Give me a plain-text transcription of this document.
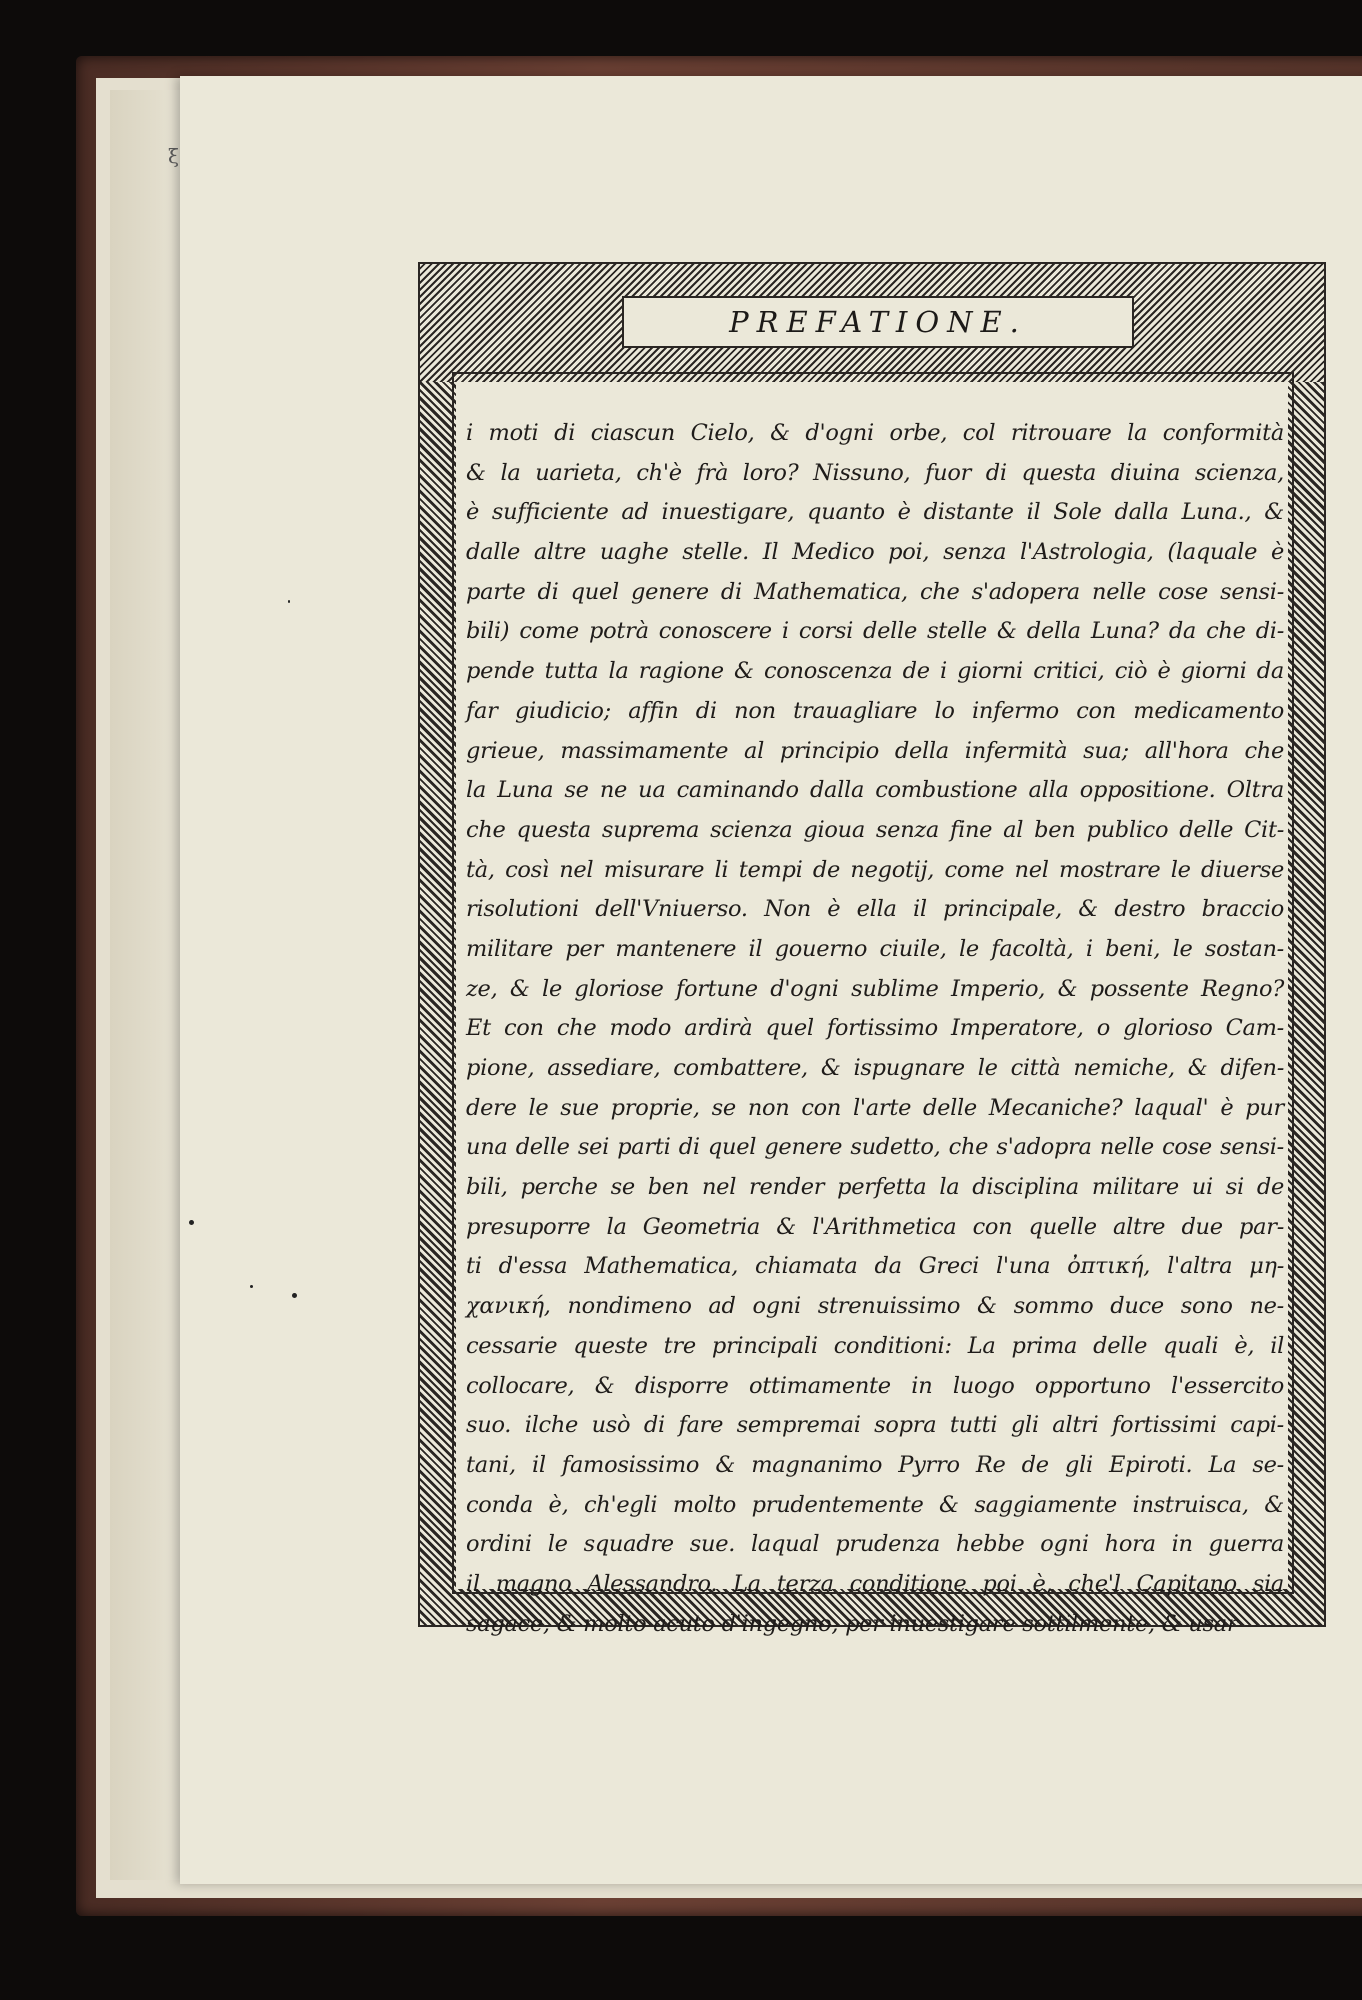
ξ
PREFATIONE.
i moti di ciascun Cielo, & d'ogni orbe, col ritrouare la conformità
& la uarieta, ch'è frà loro? Nissuno, fuor di questa diuina scienza,
è sufficiente ad inuestigare, quanto è distante il Sole dalla Luna., &
dalle altre uaghe stelle. Il Medico poi, senza l'Astrologia, (laquale è
parte di quel genere di Mathematica, che s'adopera nelle cose sensi-
bili) come potrà conoscere i corsi delle stelle & della Luna? da che di-
pende tutta la ragione & conoscenza de i giorni critici, ciò è giorni da
far giudicio; affin di non trauagliare lo infermo con medicamento
grieue, massimamente al principio della infermità sua; all'hora che
la Luna se ne ua caminando dalla combustione alla oppositione. Oltra
che questa suprema scienza gioua senza fine al ben publico delle Cit-
tà, così nel misurare li tempi de negotij, come nel mostrare le diuerse
risolutioni dell'Vniuerso. Non è ella il principale, & destro braccio
militare per mantenere il gouerno ciuile, le facoltà, i beni, le sostan-
ze, & le gloriose fortune d'ogni sublime Imperio, & possente Regno?
Et con che modo ardirà quel fortissimo Imperatore, o glorioso Cam-
pione, assediare, combattere, & ispugnare le città nemiche, & difen-
dere le sue proprie, se non con l'arte delle Mecaniche? laqual' è pur
una delle sei parti di quel genere sudetto, che s'adopra nelle cose sensi-
bili, perche se ben nel render perfetta la disciplina militare ui si de
presuporre la Geometria & l'Arithmetica con quelle altre due par-
ti d'essa Mathematica, chiamata da Greci l'una ὀπτική, l'altra μη-
χανική, nondimeno ad ogni strenuissimo & sommo duce sono ne-
cessarie queste tre principali conditioni: La prima delle quali è, il
collocare, & disporre ottimamente in luogo opportuno l'essercito
suo. ilche usò di fare sempremai sopra tutti gli altri fortissimi capi-
tani, il famosissimo & magnanimo Pyrro Re de gli Epiroti. La se-
conda è, ch'egli molto prudentemente & saggiamente instruisca, &
ordini le squadre sue. laqual prudenza hebbe ogni hora in guerra
il magno Alessandro. La terza conditione poi è, che'l Capitano sia
sagace, & molto acuto d'ingegno, per inuestigare sottilmente, & usar
